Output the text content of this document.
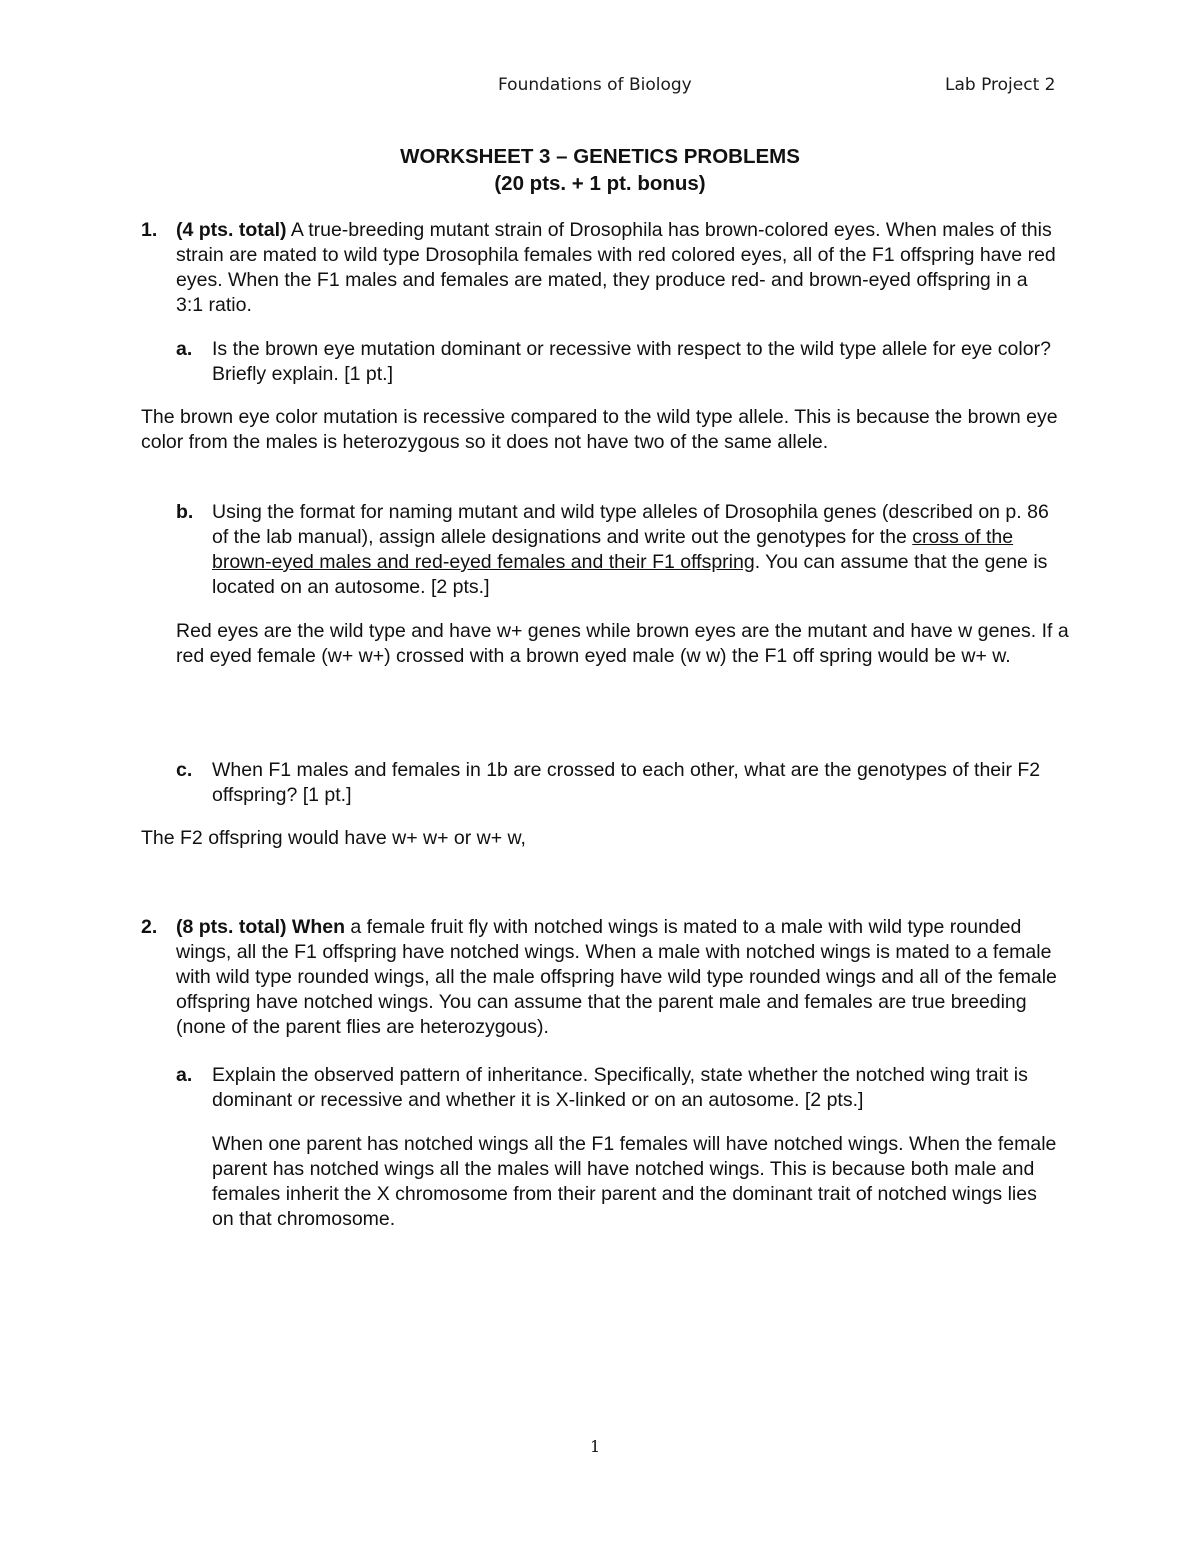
Foundations of Biology	Lab Project 2
WORKSHEET 3 – GENETICS PROBLEMS
(20 pts. + 1 pt. bonus)
1. (4 pts. total) A true-breeding mutant strain of Drosophila has brown-colored eyes. When males of this strain are mated to wild type Drosophila females with red colored eyes, all of the F1 offspring have red eyes. When the F1 males and females are mated, they produce red- and brown-eyed offspring in a 3:1 ratio.

a. Is the brown eye mutation dominant or recessive with respect to the wild type allele for eye color? Briefly explain. [1 pt.]

The brown eye color mutation is recessive compared to the wild type allele. This is because the brown eye color from the males is heterozygous so it does not have two of the same allele.

b. Using the format for naming mutant and wild type alleles of Drosophila genes (described on p. 86 of the lab manual), assign allele designations and write out the genotypes for the cross of the brown-eyed males and red-eyed females and their F1 offspring. You can assume that the gene is located on an autosome. [2 pts.]

Red eyes are the wild type and have w+ genes while brown eyes are the mutant and have w genes. If a red eyed female (w+ w+) crossed with a brown eyed male (w w) the F1 off spring would be w+ w.

c. When F1 males and females in 1b are crossed to each other, what are the genotypes of their F2 offspring? [1 pt.]

The F2 offspring would have w+ w+ or w+ w,

2. (8 pts. total) When a female fruit fly with notched wings is mated to a male with wild type rounded wings, all the F1 offspring have notched wings. When a male with notched wings is mated to a female with wild type rounded wings, all the male offspring have wild type rounded wings and all of the female offspring have notched wings. You can assume that the parent male and females are true breeding (none of the parent flies are heterozygous).

a. Explain the observed pattern of inheritance. Specifically, state whether the notched wing trait is dominant or recessive and whether it is X-linked or on an autosome. [2 pts.]

When one parent has notched wings all the F1 females will have notched wings. When the female parent has notched wings all the males will have notched wings. This is because both male and females inherit the X chromosome from their parent and the dominant trait of notched wings lies on that chromosome.

1
